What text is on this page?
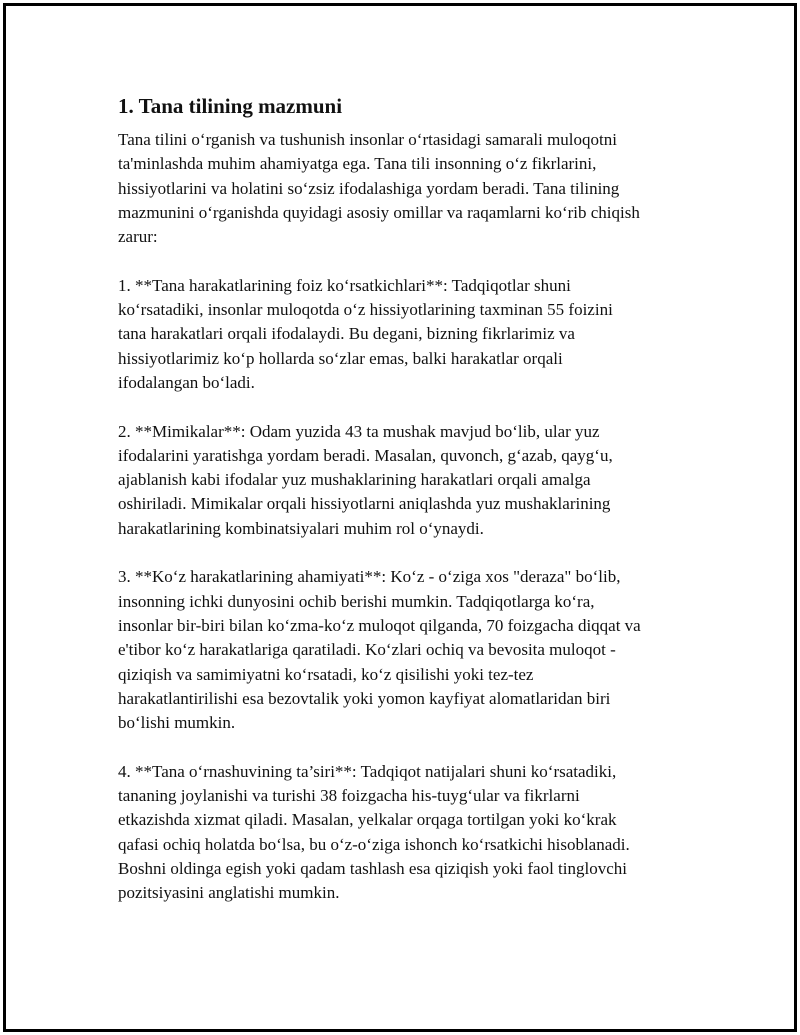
1. Tana tilining mazmuni

Tana tilini o‘rganish va tushunish insonlar o‘rtasidagi samarali muloqotni
ta'minlashda muhim ahamiyatga ega. Tana tili insonning o‘z fikrlarini,
hissiyotlarini va holatini so‘zsiz ifodalashiga yordam beradi. Tana tilining
mazmunini o‘rganishda quyidagi asosiy omillar va raqamlarni ko‘rib chiqish
zarur:

1. **Tana harakatlarining foiz ko‘rsatkichlari**: Tadqiqotlar shuni
ko‘rsatadiki, insonlar muloqotda o‘z hissiyotlarining taxminan 55 foizini
tana harakatlari orqali ifodalaydi. Bu degani, bizning fikrlarimiz va
hissiyotlarimiz ko‘p hollarda so‘zlar emas, balki harakatlar orqali
ifodalangan bo‘ladi.

2. **Mimikalar**: Odam yuzida 43 ta mushak mavjud bo‘lib, ular yuz
ifodalarini yaratishga yordam beradi. Masalan, quvonch, g‘azab, qayg‘u,
ajablanish kabi ifodalar yuz mushaklarining harakatlari orqali amalga
oshiriladi. Mimikalar orqali hissiyotlarni aniqlashda yuz mushaklarining
harakatlarining kombinatsiyalari muhim rol o‘ynaydi.

3. **Ko‘z harakatlarining ahamiyati**: Ko‘z - o‘ziga xos "deraza" bo‘lib,
insonning ichki dunyosini ochib berishi mumkin. Tadqiqotlarga ko‘ra,
insonlar bir-biri bilan ko‘zma-ko‘z muloqot qilganda, 70 foizgacha diqqat va
e'tibor ko‘z harakatlariga qaratiladi. Ko‘zlari ochiq va bevosita muloqot -
qiziqish va samimiyatni ko‘rsatadi, ko‘z qisilishi yoki tez-tez
harakatlantirilishi esa bezovtalik yoki yomon kayfiyat alomatlaridan biri
bo‘lishi mumkin.

4. **Tana o‘rnashuvining ta’siri**: Tadqiqot natijalari shuni ko‘rsatadiki,
tananing joylanishi va turishi 38 foizgacha his-tuyg‘ular va fikrlarni
etkazishda xizmat qiladi. Masalan, yelkalar orqaga tortilgan yoki ko‘krak
qafasi ochiq holatda bo‘lsa, bu o‘z-o‘ziga ishonch ko‘rsatkichi hisoblanadi.
Boshni oldinga egish yoki qadam tashlash esa qiziqish yoki faol tinglovchi
pozitsiyasini anglatishi mumkin.
